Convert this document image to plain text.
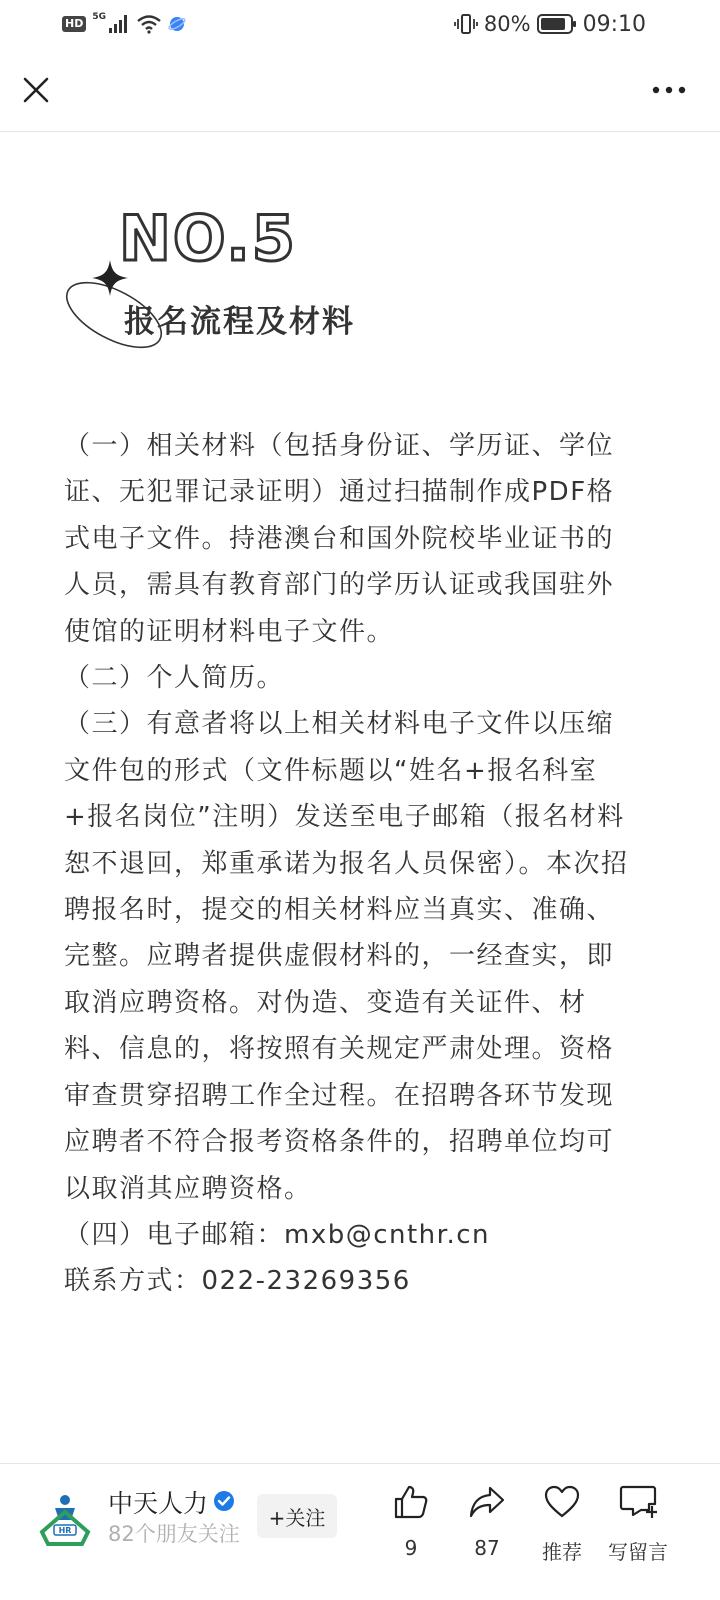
HD	5G	80% 09:10
NO.5
报名流程及材料

（一）相关材料（包括身份证、学历证、学位证、无犯罪记录证明）通过扫描制作成PDF格式电子文件。持港澳台和国外院校毕业证书的人员，需具有教育部门的学历认证或我国驻外使馆的证明材料电子文件。

（二）个人简历。

（三）有意者将以上相关材料电子文件以压缩文件包的形式（文件标题以“姓名+报名科室+报名岗位”注明）发送至电子邮箱（报名材料恕不退回，郑重承诺为报名人员保密）。本次招聘报名时，提交的相关材料应当真实、准确、完整。应聘者提供虚假材料的，一经查实，即取消应聘资格。对伪造、变造有关证件、材料、信息的，将按照有关规定严肃处理。资格审查贯穿招聘工作全过程。在招聘各环节发现应聘者不符合报考资格条件的，招聘单位均可以取消其应聘资格。

（四）电子邮箱：mxb@cnthr.cn

联系方式：022-23269356

HR
中天人力
82个朋友关注
+关注
9	87	推荐	写留言
